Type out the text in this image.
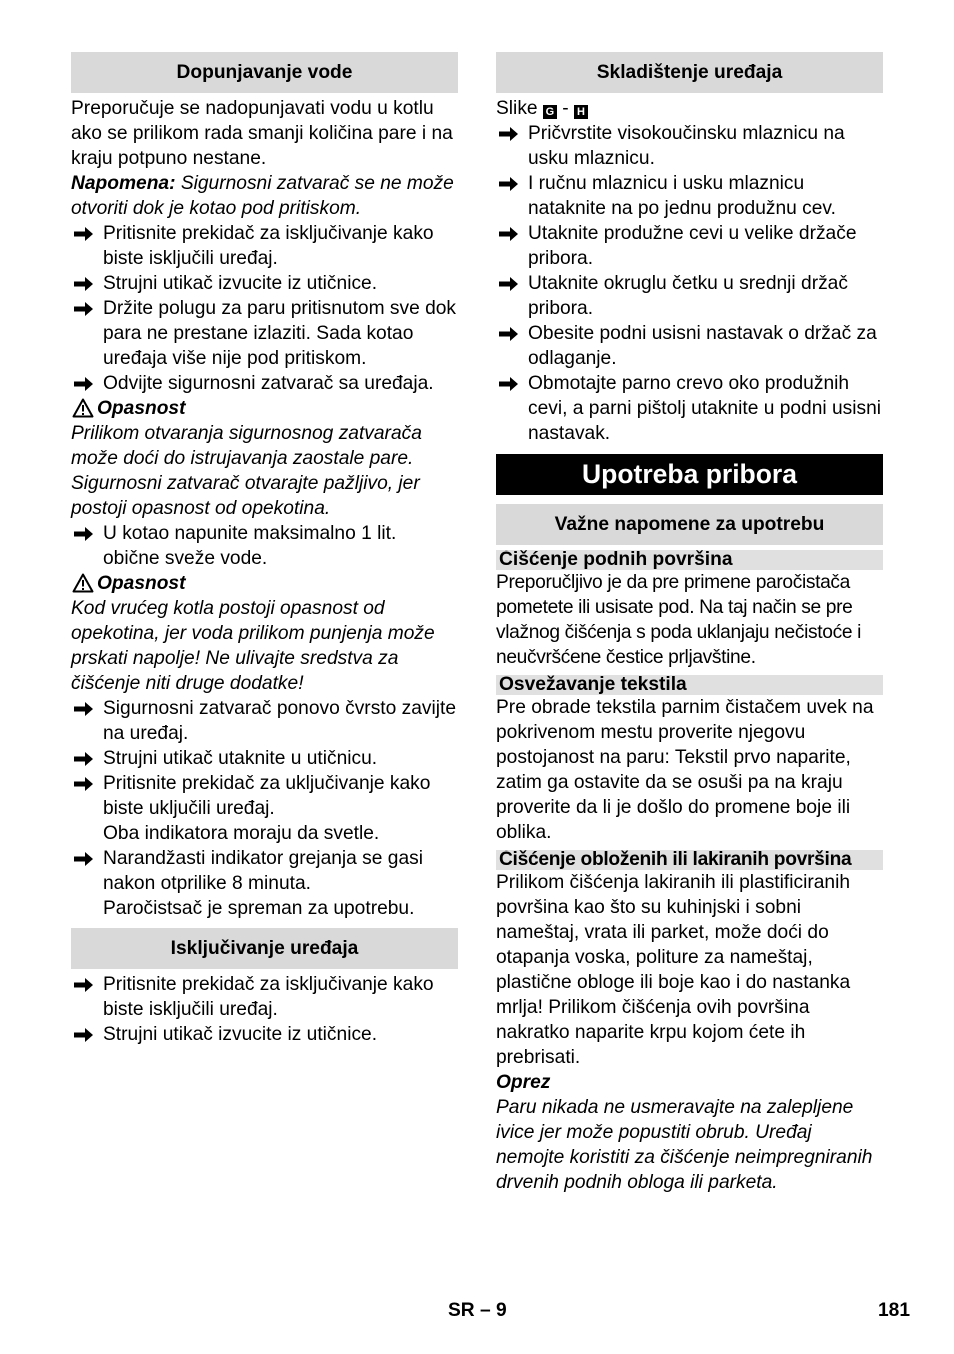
Dopunjavanje vode

Preporučuje se nadopunjavati vodu u kotlu ako se prilikom rada smanji količina pare i na kraju potpuno nestane.

Napomena: Sigurnosni zatvarač se ne može otvoriti dok je kotao pod pritiskom.

Pritisnite prekidač za isključivanje kako biste isključili uređaj.
Strujni utikač izvucite iz utičnice.
Držite polugu za paru pritisnutom sve dok para ne prestane izlaziti. Sada kotao uređaja više nije pod pritiskom.
Odvijte sigurnosni zatvarač sa uređaja.
Opasnost

Prilikom otvaranja sigurnosnog zatvarača može doći do istrujavanja zaostale pare. Sigurnosni zatvarač otvarajte pažljivo, jer postoji opasnost od opekotina.

U kotao napunite maksimalno 1 lit. obične sveže vode.
Opasnost

Kod vrućeg kotla postoji opasnost od opekotina, jer voda prilikom punjenja može prskati napolje! Ne ulivajte sredstva za čišćenje niti druge dodatke!

Sigurnosni zatvarač ponovo čvrsto zavijte na uređaj.
Strujni utikač utaknite u utičnicu.
Pritisnite prekidač za uključivanje kako biste uključili uređaj.
Oba indikatora moraju da svetle.
Narandžasti indikator grejanja se gasi nakon otprilike 8 minuta.
Paročistsač je spreman za upotrebu.
Isključivanje uređaja
Pritisnite prekidač za isključivanje kako biste isključili uređaj.
Strujni utikač izvucite iz utičnice.
Skladištenje uređaja

Slike G - H

Pričvrstite visokoučinsku mlaznicu na usku mlaznicu.
I ručnu mlaznicu i usku mlaznicu nataknite na po jednu produžnu cev.
Utaknite produžne cevi u velike držače pribora.
Utaknite okruglu četku u srednji držač pribora.
Obesite podni usisni nastavak o držač za odlaganje.
Obmotajte parno crevo oko produžnih cevi, a parni pištolj utaknite u podni usisni nastavak.
Upotreba pribora
Važne napomene za upotrebu
Čišćenje podnih površina

Preporučljivo je da pre primene paročistača pometete ili usisate pod. Na taj način se pre vlažnog čišćenja s poda uklanjaju nečistoće i neučvršćene čestice prljavštine.

Osvežavanje tekstila

Pre obrade tekstila parnim čistačem uvek na pokrivenom mestu proverite njegovu postojanost na paru: Tekstil prvo naparite, zatim ga ostavite da se osuši pa na kraju proverite da li je došlo do promene boje ili oblika.

Čišćenje obloženih ili lakiranih površina

Prilikom čišćenja lakiranih ili plastificiranih površina kao što su kuhinjski i sobni nameštaj, vrata ili parket, može doći do otapanja voska, politure za nameštaj, plastične obloge ili boje kao i do nastanka mrlja! Prilikom čišćenja ovih površina nakratko naparite krpu kojom ćete ih prebrisati.

Oprez

Paru nikada ne usmeravajte na zalepljene ivice jer može popustiti obrub. Uređaj nemojte koristiti za čišćenje neimpregniranih drvenih podnih obloga ili parketa.

SR – 9	181
